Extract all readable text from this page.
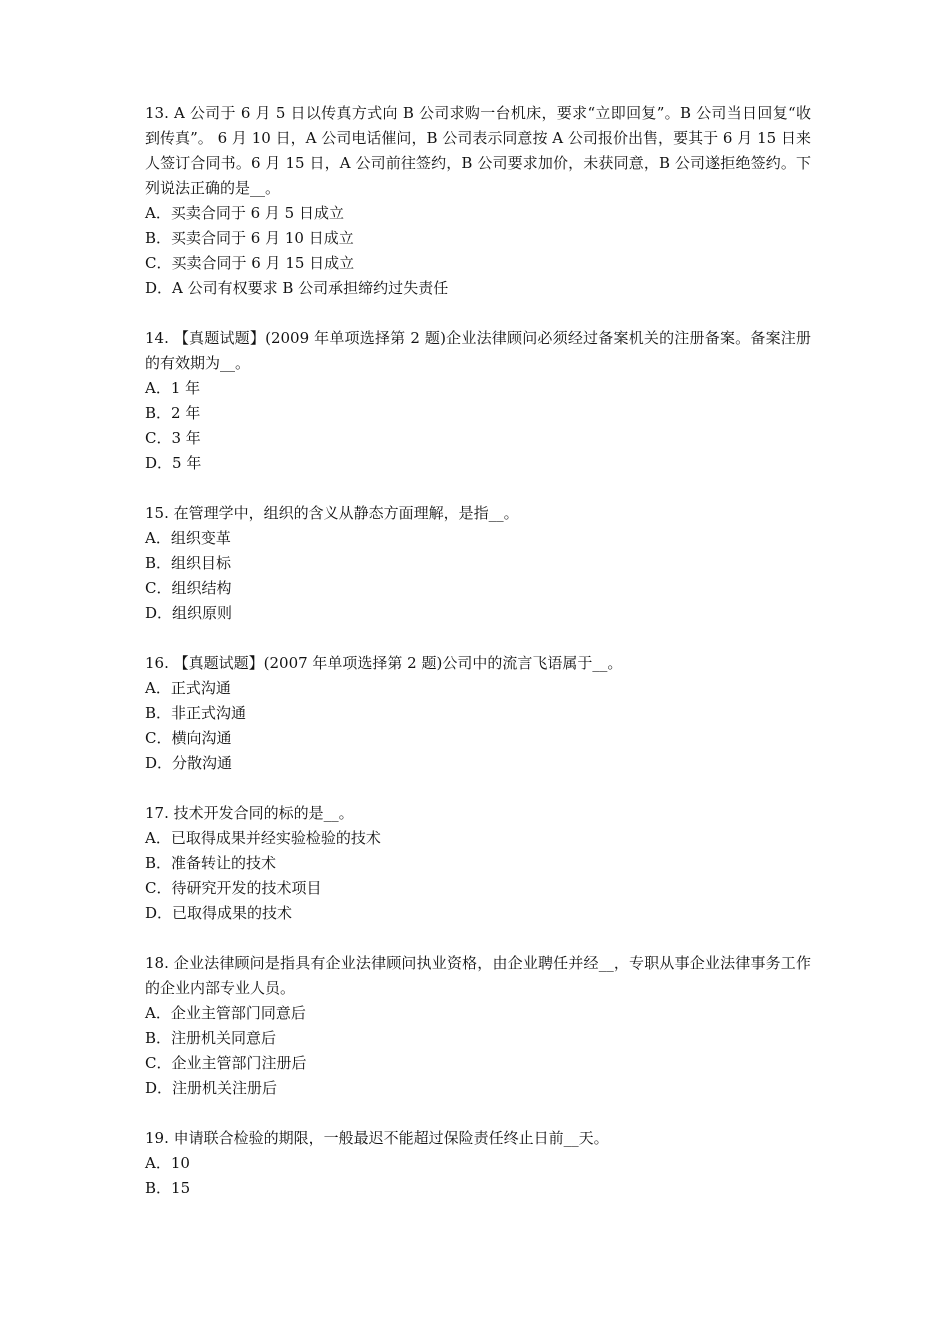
13. A 公司于 6 月 5 日以传真方式向 B 公司求购一台机床，要求“立即回复”。B 公司当日回复“收到传真”。 6 月 10 日，A 公司电话催问，B 公司表示同意按 A 公司报价出售，要其于 6 月 15 日来人签订合同书。6 月 15 日，A 公司前往签约，B 公司要求加价，未获同意，B 公司遂拒绝签约。下列说法正确的是__。

A．买卖合同于 6 月 5 日成立

B．买卖合同于 6 月 10 日成立

C．买卖合同于 6 月 15 日成立

D．A 公司有权要求 B 公司承担缔约过失责任

14. 【真题试题】(2009 年单项选择第 2 题)企业法律顾问必须经过备案机关的注册备案。备案注册的有效期为__。

A．1 年

B．2 年

C．3 年

D．5 年

15. 在管理学中，组织的含义从静态方面理解，是指__。

A．组织变革

B．组织目标

C．组织结构

D．组织原则

16. 【真题试题】(2007 年单项选择第 2 题)公司中的流言飞语属于__。

A．正式沟通

B．非正式沟通

C．横向沟通

D．分散沟通

17. 技术开发合同的标的是__。

A．已取得成果并经实验检验的技术

B．准备转让的技术

C．待研究开发的技术项目

D．已取得成果的技术

18. 企业法律顾问是指具有企业法律顾问执业资格，由企业聘任并经__，专职从事企业法律事务工作的企业内部专业人员。

A．企业主管部门同意后

B．注册机关同意后

C．企业主管部门注册后

D．注册机关注册后

19. 申请联合检验的期限，一般最迟不能超过保险责任终止日前__天。

A．10

B．15
